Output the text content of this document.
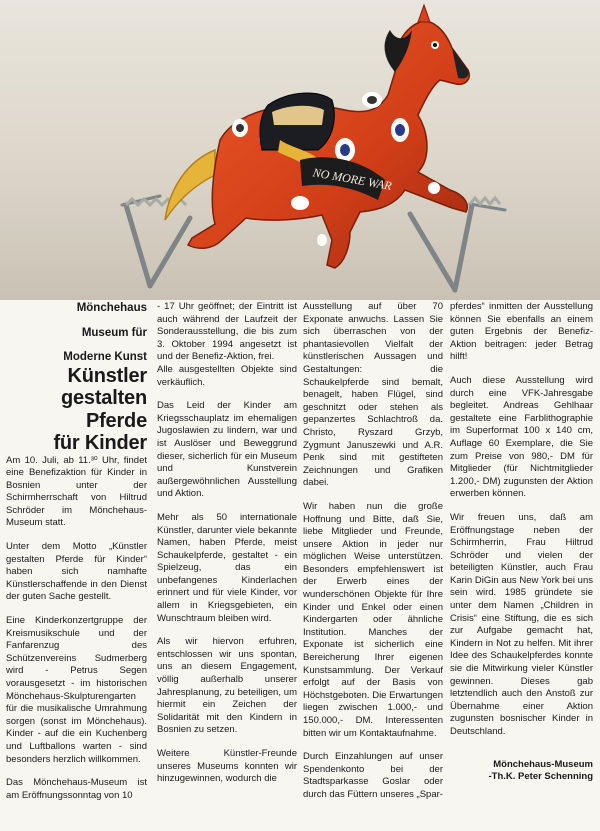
NO MORE WAR

Mönchehaus

Museum für

Moderne Kunst

Künstler

gestalten

Pferde

für Kinder

Am 10. Juli, ab 11.³⁰ Uhr, findet eine Benefizaktion für Kinder in Bosnien unter der Schirmherrschaft von Hiltrud Schröder im Mönchehaus-Museum statt.

Unter dem Motto „Künstler gestalten Pferde für Kinder“ haben sich namhafte Künstlerschaffende in den Dienst der guten Sache gestellt.

Eine Kinderkonzertgruppe der Kreismusikschule und der Fanfarenzug des Schützenvereins Sudmerberg wird - Petrus Segen vorausgesetzt - im historischen Mönchehaus-Skulpturengarten für die musikalische Umrahmung sorgen (sonst im Mönchehaus). Kinder - auf die ein Kuchenberg und Luftballons warten - sind besonders herzlich willkommen.

Das Mönchehaus-Museum ist am Eröffnungssonntag von 10

- 17 Uhr geöffnet; der Eintritt ist auch während der Laufzeit der Sonderausstellung, die bis zum 3. Oktober 1994 angesetzt ist und der Benefiz-Aktion, frei.
Alle ausgestellten Objekte sind verkäuflich.

Das Leid der Kinder am Kriegsschauplatz im ehemaligen Jugoslawien zu lindern, war und ist Auslöser und Beweggrund dieser, sicherlich für ein Museum und Kunstverein außergewöhnlichen Ausstellung und Aktion.

Mehr als 50 internationale Künstler, darunter viele bekannte Namen, haben Pferde, meist Schaukelpferde, gestaltet - ein Spielzeug, das ein unbefangenes Kinderlachen erinnert und für viele Kinder, vor allem in Kriegsgebieten, ein Wunschtraum bleiben wird.

Als wir hiervon erfuhren, entschlossen wir uns spontan, uns an diesem Engagement, völlig außerhalb unserer Jahresplanung, zu beteiligen, um hiermit ein Zeichen der Solidarität mit den Kindern in Bosnien zu setzen.

Weitere Künstler-Freunde unseres Museums konnten wir hinzugewinnen, wodurch die

Ausstellung auf über 70 Exponate anwuchs. Lassen Sie sich überraschen von der phantasievollen Vielfalt der künstlerischen Aussagen und Gestaltungen: die Schaukelpferde sind bemalt, benagelt, haben Flügel, sind geschnitzt oder stehen als gepanzertes Schlachtroß da. Christo, Ryszard Grzyb, Zygmunt Januszewki und A.R. Penk sind mit gestifteten Zeichnungen und Grafiken dabei.

Wir haben nun die große Hoffnung und Bitte, daß Sie, liebe Mitglieder und Freunde, unsere Aktion in jeder nur möglichen Weise unterstützen. Besonders empfehlenswert ist der Erwerb eines der wunderschönen Objekte für Ihre Kinder und Enkel oder einen Kindergarten oder ähnliche Institution. Manches der Exponate ist sicherlich eine Bereicherung Ihrer eigenen Kunstsammlung. Der Verkauf erfolgt auf der Basis von Höchstgeboten. Die Erwartungen liegen zwischen 1.000,- und 150.000,- DM. Interessenten bitten wir um Kontaktaufnahme.

Durch Einzahlungen auf unser Spendenkonto bei der Stadtsparkasse Goslar oder durch das Füttern unseres „Spar-

pferdes“ inmitten der Ausstellung können Sie ebenfalls an einem guten Ergebnis der Benefiz-Aktion beitragen: jeder Betrag hilft!

Auch diese Ausstellung wird durch eine VFK-Jahresgabe begleitet. Andreas Gehlhaar gestaltete eine Farblithographie im Superformat 100 x 140 cm, Auflage 60 Exemplare, die Sie zum Preise von 980,- DM für Mitglieder (für Nichtmitglieder 1.200,- DM) zugunsten der Aktion erwerben können.

Wir freuen uns, daß am Eröffnungstage neben der Schirmherrin, Frau Hiltrud Schröder und vielen der beteiligten Künstler, auch Frau Karin DiGin aus New York bei uns sein wird. 1985 gründete sie unter dem Namen „Children in Crisis“ eine Stiftung, die es sich zur Aufgabe gemacht hat, Kindern in Not zu helfen. Mit ihrer Idee des Schaukelpferdes konnte sie die Mitwirkung vieler Künstler gewinnen. Dieses gab letztendlich auch den Anstoß zur Übernahme einer Aktion zugunsten bosnischer Kinder in Deutschland.

Mönchehaus-Museum
-Th.K. Peter Schenning
